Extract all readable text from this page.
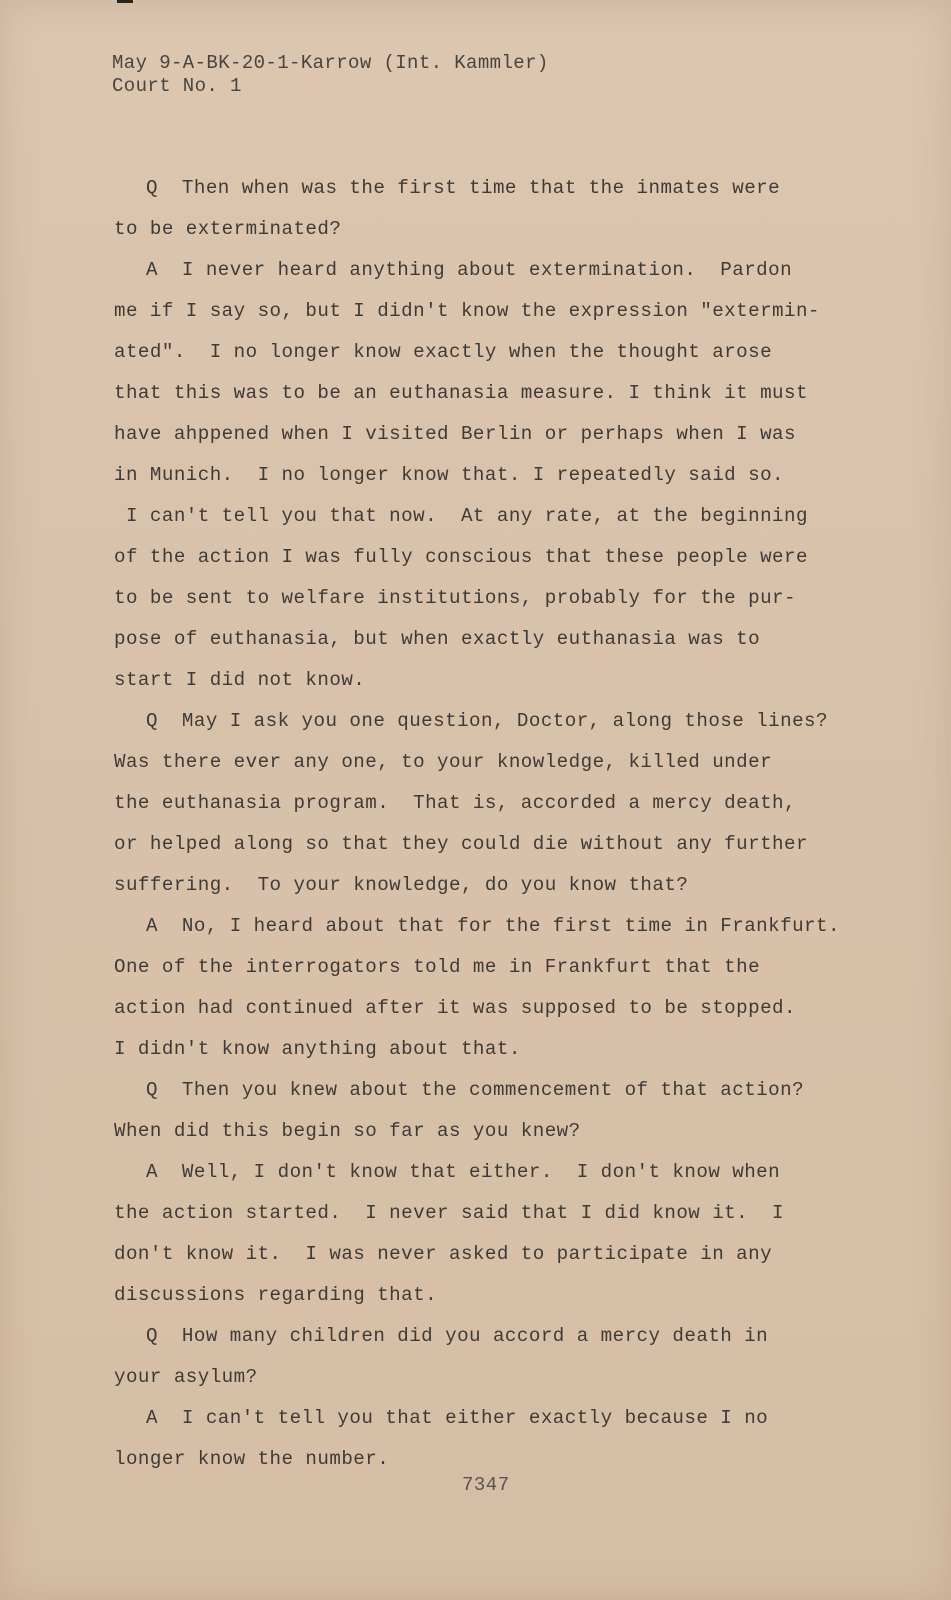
May 9-A-BK-20-1-Karrow (Int. Kammler)
Court No. 1
Q  Then when was the first time that the inmates were
to be exterminated?
A  I never heard anything about extermination.  Pardon
me if I say so, but I didn't know the expression "extermin-
ated".  I no longer know exactly when the thought arose
that this was to be an euthanasia measure. I think it must
have ahppened when I visited Berlin or perhaps when I was
in Munich.  I no longer know that. I repeatedly said so.
I can't tell you that now.  At any rate, at the beginning
of the action I was fully conscious that these people were
to be sent to welfare institutions, probably for the pur-
pose of euthanasia, but when exactly euthanasia was to
start I did not know.
Q  May I ask you one question, Doctor, along those lines?
Was there ever any one, to your knowledge, killed under
the euthanasia program.  That is, accorded a mercy death,
or helped along so that they could die without any further
suffering.  To your knowledge, do you know that?
A  No, I heard about that for the first time in Frankfurt.
One of the interrogators told me in Frankfurt that the
action had continued after it was supposed to be stopped.
I didn't know anything about that.
Q  Then you knew about the commencement of that action?
When did this begin so far as you knew?
A  Well, I don't know that either.  I don't know when
the action started.  I never said that I did know it.  I
don't know it.  I was never asked to participate in any
discussions regarding that.
Q  How many children did you accord a mercy death in
your asylum?
A  I can't tell you that either exactly because I no
longer know the number.
7347
